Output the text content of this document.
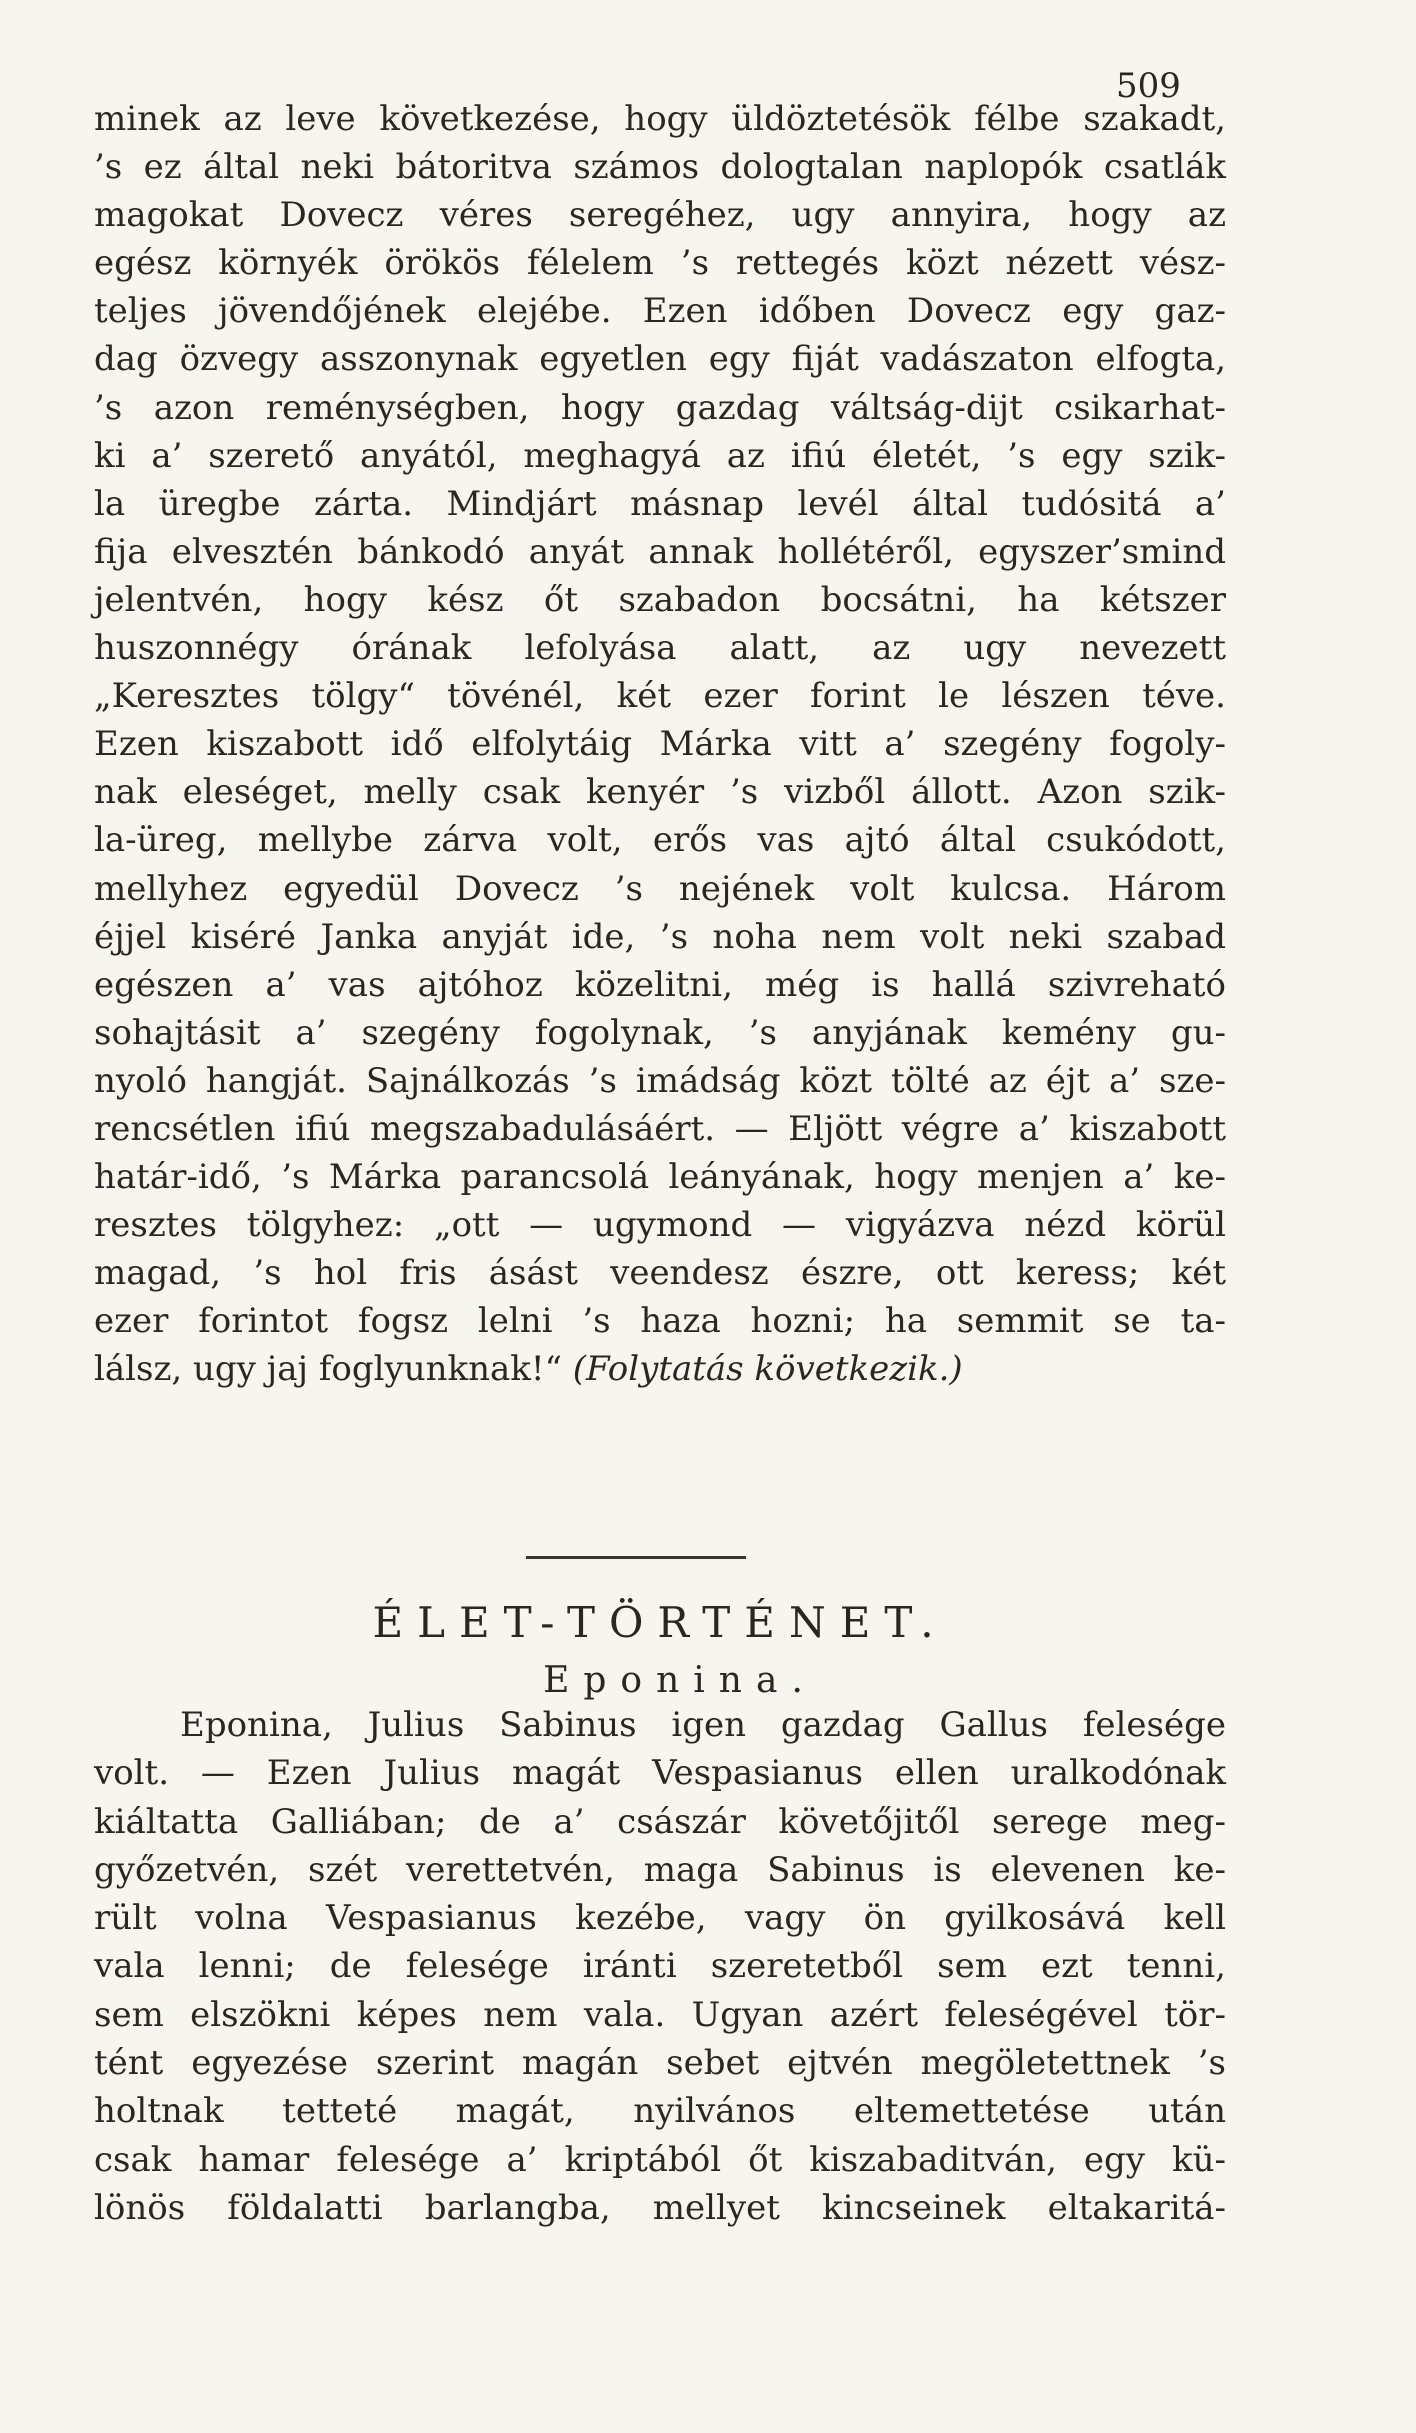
509
minek az leve következése, hogy üldöztetésök félbe szakadt,
’s ez által neki bátoritva számos dologtalan naplopók csatlák
magokat Dovecz véres seregéhez, ugy annyira, hogy az
egész környék örökös félelem ’s rettegés közt nézett vész-
teljes jövendőjének elejébe. Ezen időben Dovecz egy gaz-
dag özvegy asszonynak egyetlen egy fiját vadászaton elfogta,
’s azon reménységben, hogy gazdag váltság-dijt csikarhat-
ki a’ szerető anyától, meghagyá az ifiú életét, ’s egy szik-
la üregbe zárta. Mindjárt másnap levél által tudósitá a’
fija elvesztén bánkodó anyát annak hollétéről, egyszer’smind
jelentvén, hogy kész őt szabadon bocsátni, ha kétszer
huszonnégy órának lefolyása alatt, az ugy nevezett
„Keresztes tölgy“ tövénél, két ezer forint le lészen téve.
Ezen kiszabott idő elfolytáig Márka vitt a’ szegény fogoly-
nak eleséget, melly csak kenyér ’s vizből állott. Azon szik-
la-üreg, mellybe zárva volt, erős vas ajtó által csukódott,
mellyhez egyedül Dovecz ’s nejének volt kulcsa. Három
éjjel kiséré Janka anyját ide, ’s noha nem volt neki szabad
egészen a’ vas ajtóhoz közelitni, még is hallá szivreható
sohajtásit a’ szegény fogolynak, ’s anyjának kemény gu-
nyoló hangját. Sajnálkozás ’s imádság közt tölté az éjt a’ sze-
rencsétlen ifiú megszabadulásáért. — Eljött végre a’ kiszabott
határ-idő, ’s Márka parancsolá leányának, hogy menjen a’ ke-
resztes tölgyhez: „ott — ugymond — vigyázva nézd körül
magad, ’s hol fris ásást veendesz észre, ott keress; két
ezer forintot fogsz lelni ’s haza hozni; ha semmit se ta-
lálsz, ugy jaj foglyunknak!“ (Folytatás következik.)
ÉLET-TÖRTÉNET.
Eponina.
Eponina, Julius Sabinus igen gazdag Gallus felesége
volt. — Ezen Julius magát Vespasianus ellen uralkodónak
kiáltatta Galliában; de a’ császár követőjitől serege meg-
győzetvén, szét verettetvén, maga Sabinus is elevenen ke-
rült volna Vespasianus kezébe, vagy ön gyilkosává kell
vala lenni; de felesége iránti szeretetből sem ezt tenni,
sem elszökni képes nem vala. Ugyan azért feleségével tör-
tént egyezése szerint magán sebet ejtvén megöletettnek ’s
holtnak tetteté magát, nyilvános eltemettetése után
csak hamar felesége a’ kriptából őt kiszabaditván, egy kü-
lönös földalatti barlangba, mellyet kincseinek eltakaritá-
